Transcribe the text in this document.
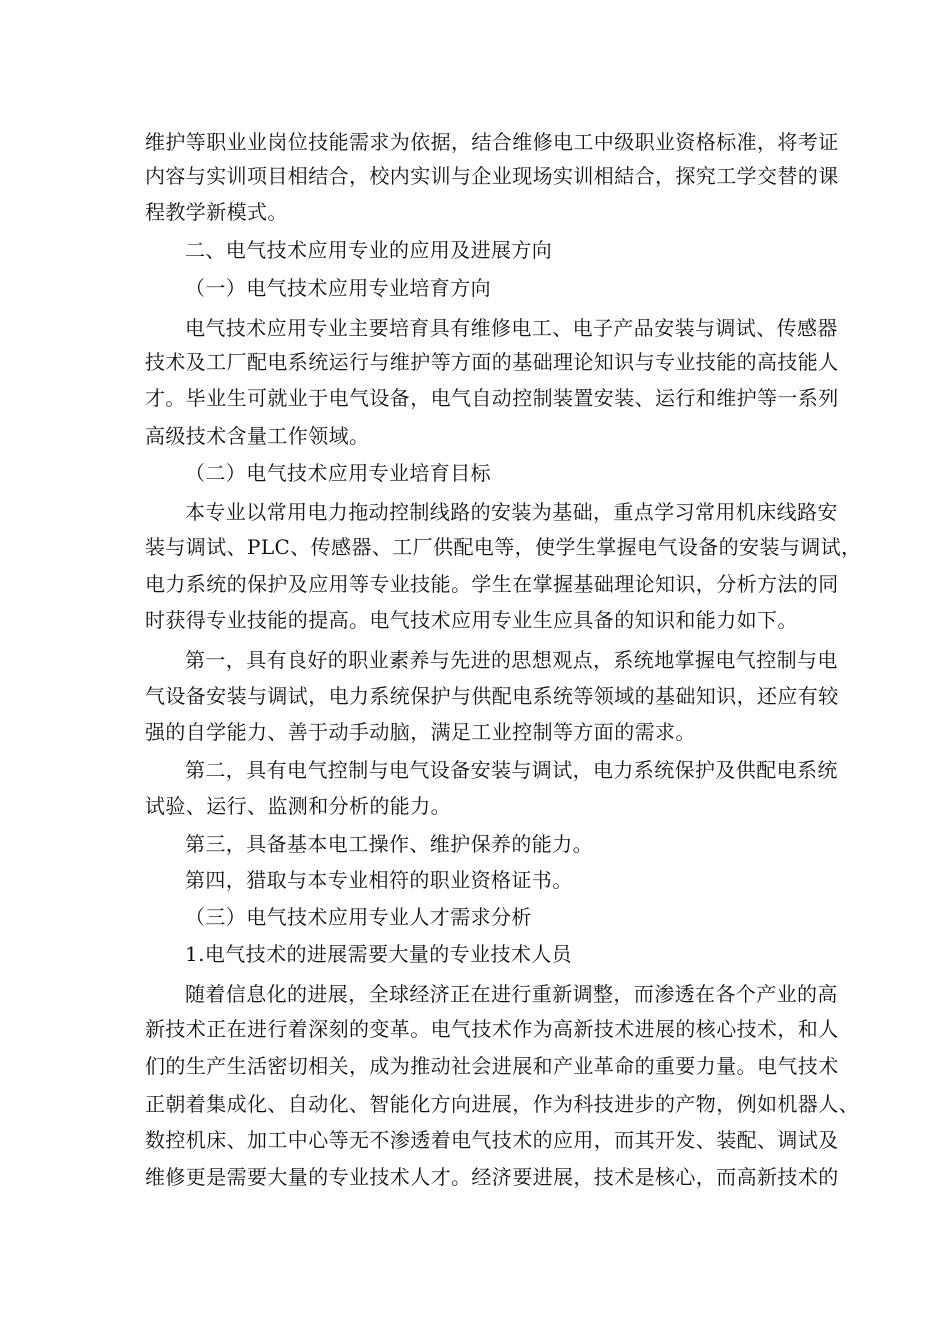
维护等职业业岗位技能需求为依据，结合维修电工中级职业资格标准，将考证
内容与实训项目相结合，校内实训与企业现场实训相結合，探究工学交替的课
程教学新模式。
二、电气技术应用专业的应用及进展方向
（一）电气技术应用专业培育方向
电气技术应用专业主要培育具有维修电工、电子产品安装与调试、传感器
技术及工厂配电系统运行与维护等方面的基础理论知识与专业技能的高技能人
才。毕业生可就业于电气设备，电气自动控制装置安装、运行和维护等一系列
高级技术含量工作领域。
（二）电气技术应用专业培育目标
本专业以常用电力拖动控制线路的安装为基础，重点学习常用机床线路安
装与调试、PLC、传感器、工厂供配电等，使学生掌握电气设备的安装与调试，
电力系统的保护及应用等专业技能。学生在掌握基础理论知识，分析方法的同
时获得专业技能的提高。电气技术应用专业生应具备的知识和能力如下。
第一，具有良好的职业素养与先进的思想观点，系统地掌握电气控制与电
气设备安装与调试，电力系统保护与供配电系统等领域的基础知识，还应有较
强的自学能力、善于动手动脑，满足工业控制等方面的需求。
第二，具有电气控制与电气设备安装与调试，电力系统保护及供配电系统
试验、运行、监测和分析的能力。
第三，具备基本电工操作、维护保养的能力。
第四，猎取与本专业相符的职业资格证书。
（三）电气技术应用专业人才需求分析
1.电气技术的进展需要大量的专业技术人员
随着信息化的进展，全球经济正在进行重新调整，而渗透在各个产业的高
新技术正在进行着深刻的变革。电气技术作为高新技术进展的核心技术，和人
们的生产生活密切相关，成为推动社会进展和产业革命的重要力量。电气技术
正朝着集成化、自动化、智能化方向进展，作为科技进步的产物，例如机器人、
数控机床、加工中心等无不渗透着电气技术的应用，而其开发、装配、调试及
维修更是需要大量的专业技术人才。经济要进展，技术是核心，而高新技术的
